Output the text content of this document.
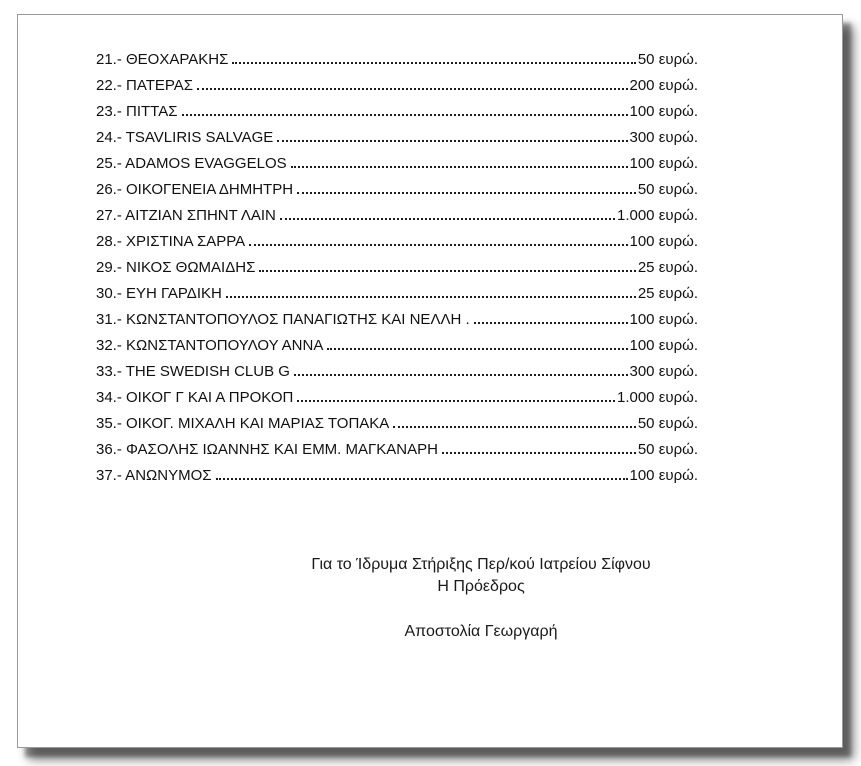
21.- ΘΕΟΧΑΡΑΚΗΣ	50 ευρώ.
22.- ΠΑΤΕΡΑΣ	200 ευρώ.
23.- ΠΙΤΤΑΣ	100 ευρώ.
24.- TSAVLIRIS SALVAGE	300 ευρώ.
25.- ADAMOS EVAGGELOS	100 ευρώ.
26.- ΟΙΚΟΓΕΝΕΙΑ ΔΗΜΗΤΡΗ	50 ευρώ.
27.- ΑΙΤΖΙΑΝ ΣΠΗΝΤ ΛΑΙΝ	1.000 ευρώ.
28.- ΧΡΙΣΤΙΝΑ ΣΑΡΡΑ	100 ευρώ.
29.- ΝΙΚΟΣ ΘΩΜΑΙΔΗΣ	25 ευρώ.
30.- ΕΥΗ ΓΑΡΔΙΚΗ	25 ευρώ.
31.- ΚΩΝΣΤΑΝΤΟΠΟΥΛΟΣ ΠΑΝΑΓΙΩΤΗΣ ΚΑΙ ΝΕΛΛΗ .	100 ευρώ.
32.- ΚΩΝΣΤΑΝΤΟΠΟΥΛΟΥ ΑΝΝΑ	100 ευρώ.
33.- THE SWEDISH CLUB G	300 ευρώ.
34.- ΟΙΚΟΓ Γ ΚΑΙ Α ΠΡΟΚΟΠ	1.000 ευρώ.
35.- ΟΙΚΟΓ. ΜΙΧΑΛΗ ΚΑΙ ΜΑΡΙΑΣ ΤΟΠΑΚΑ	50 ευρώ.
36.- ΦΑΣΟΛΗΣ ΙΩΑΝΝΗΣ ΚΑΙ ΕΜΜ. ΜΑΓΚΑΝΑΡΗ	50 ευρώ.
37.- ΑΝΩΝΥΜΟΣ	100 ευρώ.
Για το Ίδρυμα Στήριξης Περ/κού Ιατρείου Σίφνου
Η Πρόεδρος
Αποστολία Γεωργαρή
